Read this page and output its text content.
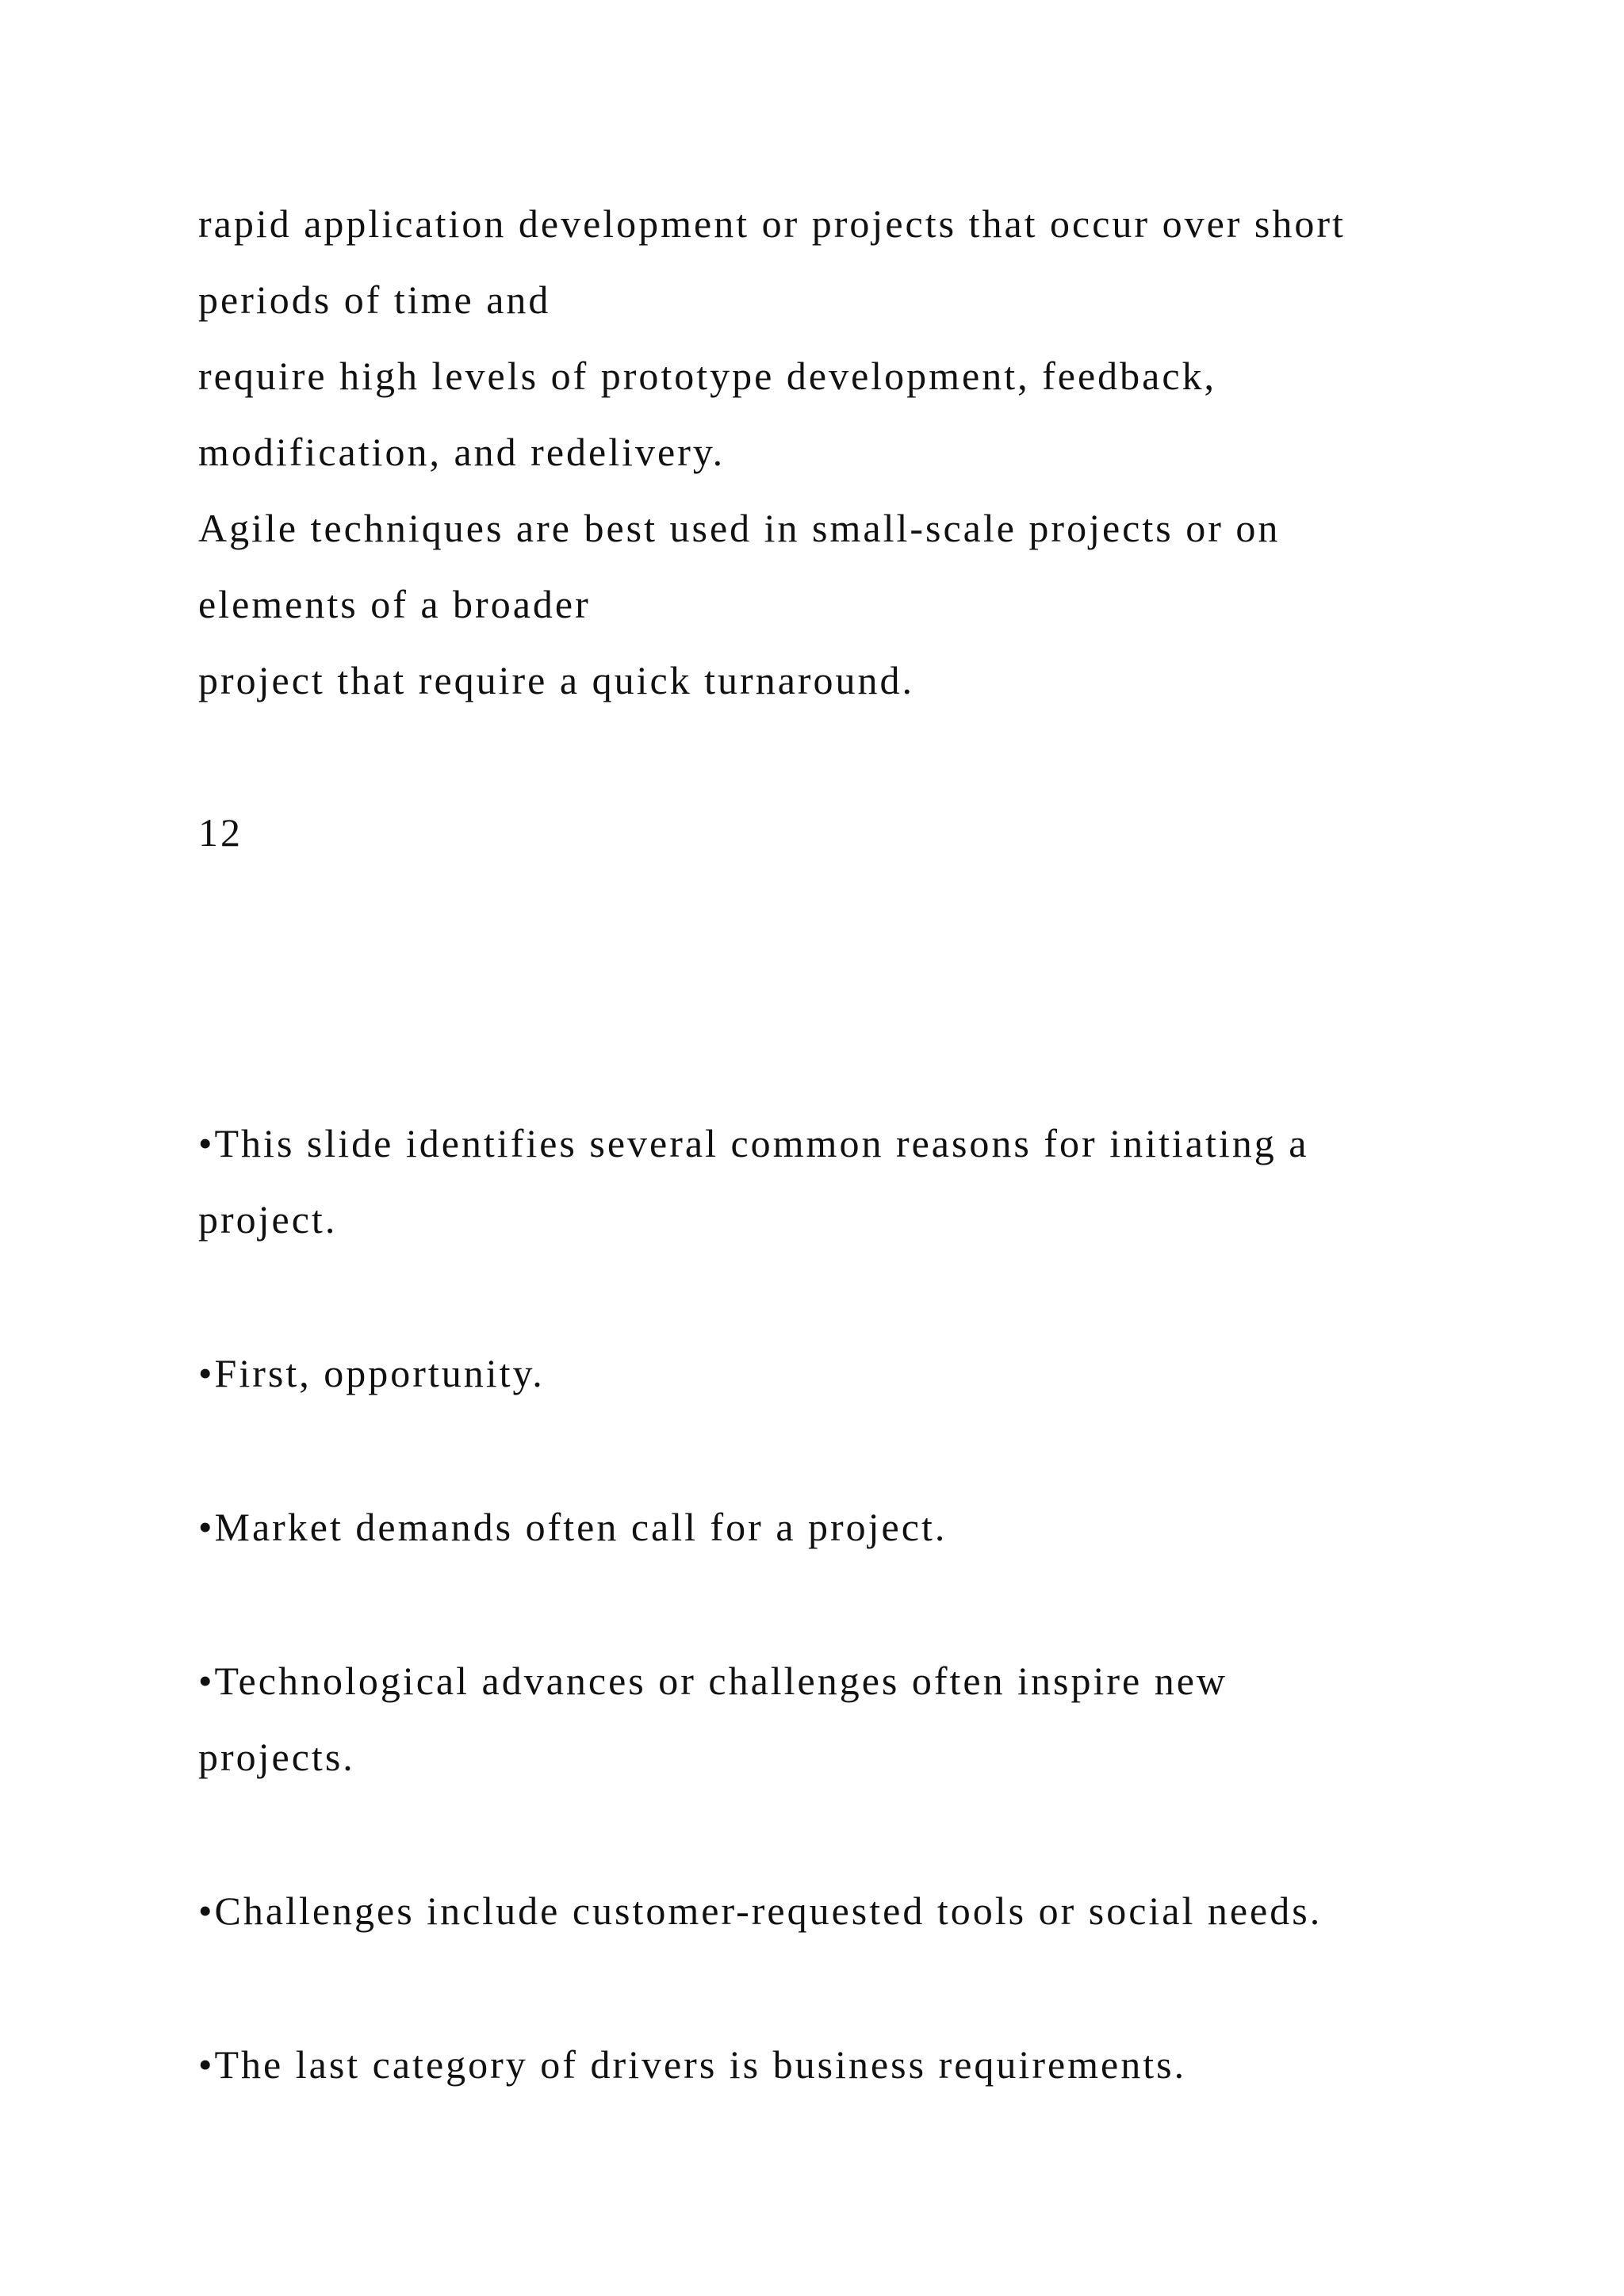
rapid application development or projects that occur over short
periods of time and
require high levels of prototype development, feedback,
modification, and redelivery.
Agile techniques are best used in small-scale projects or on
elements of a broader
project that require a quick turnaround.
12
•This slide identifies several common reasons for initiating a
project.
•First, opportunity.
•Market demands often call for a project.
•Technological advances or challenges often inspire new
projects.
•Challenges include customer-requested tools or social needs.
•The last category of drivers is business requirements.
